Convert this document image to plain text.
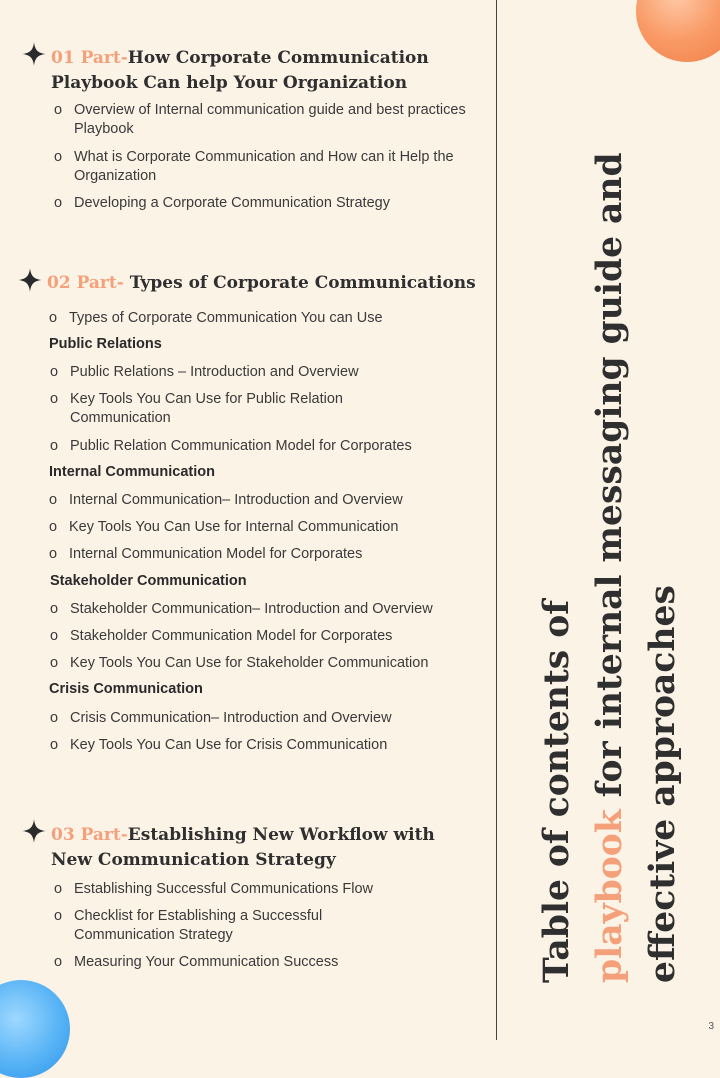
Table of contents of playbook for internal messaging guide and effective approaches

01 Part-How Corporate Communication
Playbook Can help Your Organization
o Overview of Internal communication guide and best practices Playbook
o What is Corporate Communication and How can it Help the Organization
o Developing a Corporate Communication Strategy
02 Part- Types of Corporate Communications
o Types of Corporate Communication You can Use
Public Relations
o Public Relations – Introduction and Overview
o Key Tools You Can Use for Public Relation Communication
o Public Relation Communication Model for Corporates
Internal Communication
o Internal Communication– Introduction and Overview
o Key Tools You Can Use for Internal Communication
o Internal Communication Model for Corporates
Stakeholder Communication
o Stakeholder Communication– Introduction and Overview
o Stakeholder Communication Model for Corporates
o Key Tools You Can Use for Stakeholder Communication
Crisis Communication
o Crisis Communication– Introduction and Overview
o Key Tools You Can Use for Crisis Communication
03 Part-Establishing New Workflow with
New Communication Strategy
o Establishing Successful Communications Flow
o Checklist for Establishing a Successful Communication Strategy
o Measuring Your Communication Success
3
